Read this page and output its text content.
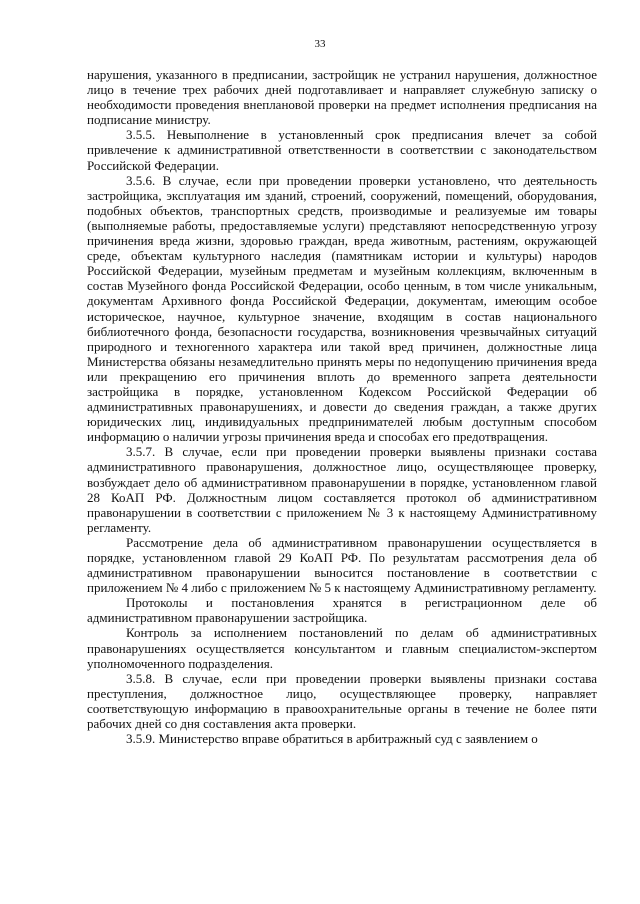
33

нарушения, указанного в предписании, застройщик не устранил нарушения, должностное лицо в течение трех рабочих дней подготавливает и направляет служебную записку о необходимости проведения внеплановой проверки на предмет исполнения предписания на подписание министру.

3.5.5. Невыполнение в установленный срок предписания влечет за собой привлечение к административной ответственности в соответствии с законодательством Российской Федерации.

3.5.6. В случае, если при проведении проверки установлено, что деятельность застройщика, эксплуатация им зданий, строений, сооружений, помещений, оборудования, подобных объектов, транспортных средств, производимые и реализуемые им товары (выполняемые работы, предоставляемые услуги) представляют непосредственную угрозу причинения вреда жизни, здоровью граждан, вреда животным, растениям, окружающей среде, объектам культурного наследия (памятникам истории и культуры) народов Российской Федерации, музейным предметам и музейным коллекциям, включенным в состав Музейного фонда Российской Федерации, особо ценным, в том числе уникальным, документам Архивного фонда Российской Федерации, документам, имеющим особое историческое, научное, культурное значение, входящим в состав национального библиотечного фонда, безопасности государства, возникновения чрезвычайных ситуаций природного и техногенного характера или такой вред причинен, должностные лица Министерства обязаны незамедлительно принять меры по недопущению причинения вреда или прекращению его причинения вплоть до временного запрета деятельности застройщика в порядке, установленном Кодексом Российской Федерации об административных правонарушениях, и довести до сведения граждан, а также других юридических лиц, индивидуальных предпринимателей любым доступным способом информацию о наличии угрозы причинения вреда и способах его предотвращения.

3.5.7. В случае, если при проведении проверки выявлены признаки состава административного правонарушения, должностное лицо, осуществляющее проверку, возбуждает дело об административном правонарушении в порядке, установленном главой 28 КоАП РФ. Должностным лицом составляется протокол об административном правонарушении в соответствии с приложением № 3 к настоящему Административному регламенту.

Рассмотрение дела об административном правонарушении осуществляется в порядке, установленном главой 29 КоАП РФ. По результатам рассмотрения дела об административном правонарушении выносится постановление в соответствии с приложением № 4 либо с приложением № 5 к настоящему Административному регламенту.

Протоколы и постановления хранятся в регистрационном деле об административном правонарушении застройщика.

Контроль за исполнением постановлений по делам об административных правонарушениях осуществляется консультантом и главным специалистом-экспертом уполномоченного подразделения.

3.5.8. В случае, если при проведении проверки выявлены признаки состава преступления, должностное лицо, осуществляющее проверку, направляет соответствующую информацию в правоохранительные органы в течение не более пяти рабочих дней со дня составления акта проверки.

3.5.9. Министерство вправе обратиться в арбитражный суд с заявлением о
